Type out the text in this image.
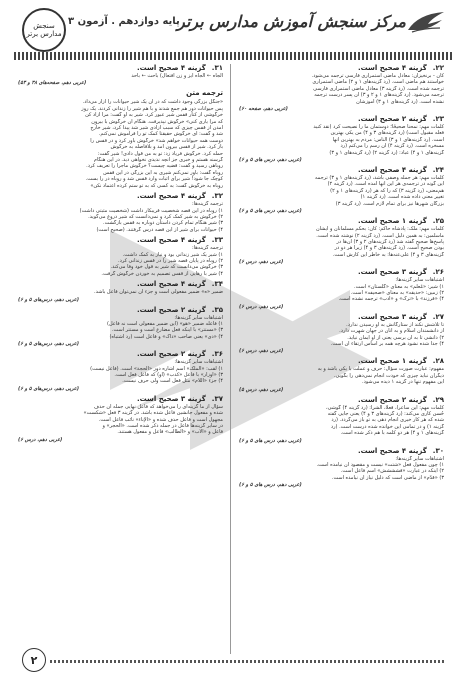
سنجش مدارس برتر
پایه دوازدهم . آزمون ۳
مرکز سنجش آموزش مدارس برتر
۲۲.
گزینه ۴ صحیح است.
کان - برنخیزان: معادل ماضی استمراری فارسی ترجمه می‌شود.
خواستند هم ماضی است. (رد گزینه‌های ۱ و ۲) ماضی استمراری
ترجمه شده است. (رد گزینه ۳) معادل ماضی استمراری فارسی
ترجمه می‌شود. (رد گزینه‌های ۱ و ۲ و ۳) آن پسر درست ترجمه
نشده است. (رد گزینه‌های ۱ و ۳) آموزشان
(عربی دهم، صفحه ۶۰)
۲۳.
گزینه ۲ صحیح است.
کلمات مهم: نمحنا صحیحًا؛ دوستمان ما را نصیحت کرد (نقد کنید
فعله مقبول است) (رد گزینه‌های ۳ و ۴) من یکی بهترین
است. (رد گزینه‌های ۱ و ۳) الناس: مردم به بهترین آنها
مسخره است. (رد گزینه ۴) آن رسم را می‌کنم (رد
گزینه‌های ۱ و ۴) عباد: (رد گزینه ۲) (رد گزینه‌های ۱ و ۳)
(عربی دهم، درس های ۵ و ۶)
۲۴.
گزینه ۴ صحیح است.
کلمات مهم: هر جمله وصفی باشد، (رد گزینه‌های ۱ و ۳) ترجمه
این گونه در ترجمه‌ی هر این آنها آمده است. (رد گزینه ۲)
هم‌معنی، (رد گزینه ۳) که را که هر (رد گزینه‌های ۱ و ۲)
تغییر معنی داده شده است. (رد گزینه ۱)
بزرگان شهرها نیز برای تمام لازم است. (رد گزینه ۳)
(عربی دهم، درس های ۵ و ۶)
۲۵.
گزینه ۱ صحیح است.
کلمات مهم: ملک: پادشاه حاکم: کان: بحکم مسلمانان و ایشان
ماسلمین: به همین دلیل است. (رد گزینه ۲) نوشته شده است.
پاسخ‌ها صحیح گفته شد (رد گزینه‌های ۲ و ۳) آن‌ها در
بودن صحیح است. (رد گزینه‌های ۳ و ۴) زیرا هر دو در
گزینه‌های ۳ و ۴) علی‌عنه‌ها: به خاطر این کارش است.
(عربی دهم، درس ۶)
۲۶.
گزینه ۳ صحیح است.
اشتباهات سایر گزینه‌ها:
۱) شیر: «مُعلّم» به معنای «گلستان» است.
۲) زمین: «حدیقه» به معنای «صحیفه» است.
۴) «فرزند» با «ترک» و «ادب» ترجمه نشده است.
(عربی دهم، درس ۶)
۲۷.
گزینه ۳ صحیح است.
تا تلاشش نکند از ستارگانش به او رسیدن ندارد.
از دانشمندان اسلام و به آنان در جهان شهرت دارد.
۲) دانشی تا به آن برسی یعنی از او ایمان نیاید.
۴) جدا شده نشود هرچه همه بر اساس ارتقاء آن است.
(عربی دهم، درس ۶)
۲۸.
گزینه ۱ صحیح است.
مفهوم: عبارت صورت سؤال: حرف و عملت با یکی باشد و به
دیگران نباید چیزی که خودت انجام نمی‌دهی را بگویی.
این مفهوم تنها در گزینه ۱ دیده می‌شود.
(عربی دهم، درس ۵)
۲۹.
گزینه ۲ صحیح است.
کلمات مهم: این ساعرا، فعلا، الشرا: (رد گزینه ۴) گوشی،
حُسن کاری می‌کند: (رد گزینه‌های ۳ و ۴) یعنی جایی گفته
شده که هر کار خیری انجام دهی به تو باز می‌گردد. (رد
گزینه ۱) و در تمامی این خوانده شده درست است. (رد
گزینه‌های ۱ و ۴) هر دو کلمه با هم ذکر شده است.
(عربی دهم، درس های ۵ و ۶)
۳۰.
گزینه ۴ صحیح است.
اشتباهات سایر گزینه‌ها:
۱) چون مفعول فعل «شتت» نیست و مقصود آن نیامده است.
۲) اینکه در عبارت «فشششش» اسم فاعل است.
۳) «قدّم» از ماضی است که دلیل نیاز آن نیامده است.
(عربی دهم، درس های ۵ و ۶)
۳۱.
گزینه ۴ صحیح است.
الجاه ← الجاه ایز و زن افتعال) باحث ← باحد
(عربی دهم، صفحه‌های ۳۸ و ۵۳)
ترجمه متن
«جنگل بزرگی وجود داشت که در آن یک شیر حیوانات را آزار می‌داد.
پس حیوانات دور هم جمع شدند و با هم شیر را زندانی کردند. یک روز
خرگوشی از کنار قفس شیر عبور کرد. شیر به او گفت: مرا آزاد کن
که مرا یاری کنی» خرگوش نپذیرفت. هنگام آن خرگوش با بیرون
آمدن از قفس چیزی که سبب آزادی شیر شد پیدا کرد، شیر خارج
شد و گفت: ای خرگوش حقیقتاً کمک تو را فراموش نمی‌کنم.
دوست همه حیوانات خواهم شد» خرگوش باور کرد و در قفس را
باز کرد. شیر از قفس بیرون آمد و بلافاصله به خرگوش
حمله کرد. خرگوش فریاد زد: تو به من قول دادی! شیر گفت:
گرسنه هستم و خبری جز آنچه ندیدی نخواهی دید. در این هنگام
روباهی رسید و گفت: قضیه چیست؟ خرگوش ماجرا را تعریف کرد.
روباه گفت: باور نمی‌کنم شیری به این بزرگی در این قفس
کوچک جا شود! شیر برای اثبات وارد قفس شد و روباه در را بست.
روباه به خرگوش گفت: به کسی که به تو ستم کرده اعتماد نکن»
۳۲.
گزینه ۴ صحیح است.
ترجمه گزینه‌ها:
۱) روباه در این قصه شخصیت فریبکار داشت (شخصیت مثبتی داشت)
۲) خرگوش به شیر کمک کرد و نمی‌دانست که شیر دروغ می‌گوید.
۳) شیر هنگام تمام کردن داستان دوباره به قفس بازگشت.
۴) حیوانات برای شیر از این قصه درس گرفتند. (صحیح است)
۳۳.
گزینه ۴ صحیح است.
ترجمه گزینه‌ها:
۱) شیر یک شیر زندانی بود و نیاز به کمک داشت.
۲) روباه در پایان قصه شیر را در قفس زندانی کرد.
۳) خرگوش می‌دانست که شیر به قول خود وفا می‌کند.
۴) شیر با رهایی از قفس تصمیم به خوردن خرگوش گرفت.
۳۴.
گزینه ۴ صحیح است.
ضمیر «ه» ضمیر مفعولی است و جزء آن نمی‌توان فاعل باشد.
(عربی دهم، درس‌های ۵ و ۶)
۳۵.
گزینه ۲ صحیح است.
اشتباهات سایر گزینه‌ها:
۱) فاعله ضمیر «هو» (این ضمیر مفعولی است نه فاعل)
۳) «مستتر» با اینکه فعل مضارع است و مستتر است.
۴) «ذی» یعنی صاحب «ذاک» و فاعل است (رد اشتباه)
(عربی دهم، درس‌های ۵ و ۶)
۳۶.
گزینه ۲ صحیح است.
اشتباهات سایر گزینه‌ها:
۱) لقب: «الملک» اسم اشاره دور «الحجة» است. (فاعل نیست)
۳) «أوزار» با فاعل «کذب» (او) که فاعل فعل است.
۴) جزء «اللام» مثل فعل است ولی حرف نیست.
(عربی دهم، درس‌های ۵ و ۶)
۳۷.
گزینه ۳ صحیح است.
سؤال از ما گزینه‌ای را می‌خواهد که فاعل نهایی جمله آن حذف
شده و مفعول جانشین فاعل شده باشد. در گزینه ۳ فعل «شکست»
مجهول است و فاعل حذف شده و «الإناء» نائب فاعل است.
در سایر گزینه‌ها فاعل در جمله ذکر شده است. «الحجر» و
فاعل و «الأب» و «الطالب» فاعل و مفعول هستند.
(عربی دهم، درس ۶)
۲
